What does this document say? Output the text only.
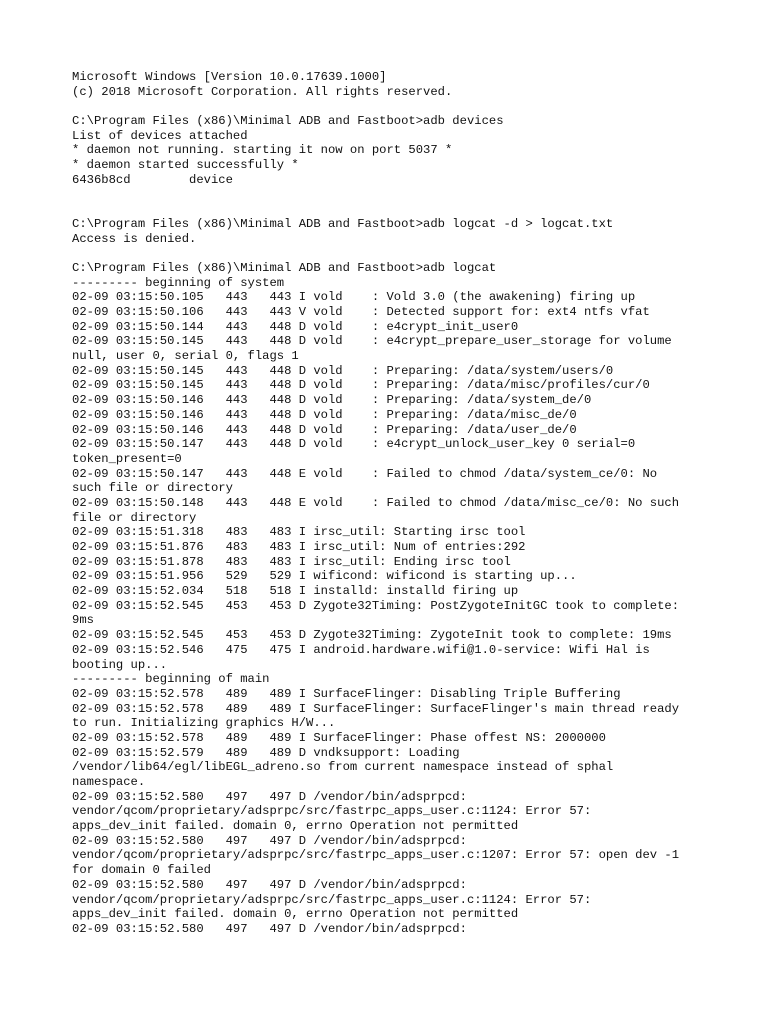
Microsoft Windows [Version 10.0.17639.1000]
(c) 2018 Microsoft Corporation. All rights reserved.
C:\Program Files (x86)\Minimal ADB and Fastboot>adb devices
List of devices attached
* daemon not running. starting it now on port 5037 *
* daemon started successfully *
6436b8cd        device
C:\Program Files (x86)\Minimal ADB and Fastboot>adb logcat -d > logcat.txt
Access is denied.
C:\Program Files (x86)\Minimal ADB and Fastboot>adb logcat
--------- beginning of system
02-09 03:15:50.105   443   443 I vold    : Vold 3.0 (the awakening) firing up
02-09 03:15:50.106   443   443 V vold    : Detected support for: ext4 ntfs vfat
02-09 03:15:50.144   443   448 D vold    : e4crypt_init_user0
02-09 03:15:50.145   443   448 D vold    : e4crypt_prepare_user_storage for volume
null, user 0, serial 0, flags 1
02-09 03:15:50.145   443   448 D vold    : Preparing: /data/system/users/0
02-09 03:15:50.145   443   448 D vold    : Preparing: /data/misc/profiles/cur/0
02-09 03:15:50.146   443   448 D vold    : Preparing: /data/system_de/0
02-09 03:15:50.146   443   448 D vold    : Preparing: /data/misc_de/0
02-09 03:15:50.146   443   448 D vold    : Preparing: /data/user_de/0
02-09 03:15:50.147   443   448 D vold    : e4crypt_unlock_user_key 0 serial=0
token_present=0
02-09 03:15:50.147   443   448 E vold    : Failed to chmod /data/system_ce/0: No
such file or directory
02-09 03:15:50.148   443   448 E vold    : Failed to chmod /data/misc_ce/0: No such
file or directory
02-09 03:15:51.318   483   483 I irsc_util: Starting irsc tool
02-09 03:15:51.876   483   483 I irsc_util: Num of entries:292
02-09 03:15:51.878   483   483 I irsc_util: Ending irsc tool
02-09 03:15:51.956   529   529 I wificond: wificond is starting up...
02-09 03:15:52.034   518   518 I installd: installd firing up
02-09 03:15:52.545   453   453 D Zygote32Timing: PostZygoteInitGC took to complete:
9ms
02-09 03:15:52.545   453   453 D Zygote32Timing: ZygoteInit took to complete: 19ms
02-09 03:15:52.546   475   475 I android.hardware.wifi@1.0-service: Wifi Hal is
booting up...
--------- beginning of main
02-09 03:15:52.578   489   489 I SurfaceFlinger: Disabling Triple Buffering
02-09 03:15:52.578   489   489 I SurfaceFlinger: SurfaceFlinger's main thread ready
to run. Initializing graphics H/W...
02-09 03:15:52.578   489   489 I SurfaceFlinger: Phase offest NS: 2000000
02-09 03:15:52.579   489   489 D vndksupport: Loading
/vendor/lib64/egl/libEGL_adreno.so from current namespace instead of sphal
namespace.
02-09 03:15:52.580   497   497 D /vendor/bin/adsprpcd:
vendor/qcom/proprietary/adsprpc/src/fastrpc_apps_user.c:1124: Error 57:
apps_dev_init failed. domain 0, errno Operation not permitted
02-09 03:15:52.580   497   497 D /vendor/bin/adsprpcd:
vendor/qcom/proprietary/adsprpc/src/fastrpc_apps_user.c:1207: Error 57: open dev -1
for domain 0 failed
02-09 03:15:52.580   497   497 D /vendor/bin/adsprpcd:
vendor/qcom/proprietary/adsprpc/src/fastrpc_apps_user.c:1124: Error 57:
apps_dev_init failed. domain 0, errno Operation not permitted
02-09 03:15:52.580   497   497 D /vendor/bin/adsprpcd:
